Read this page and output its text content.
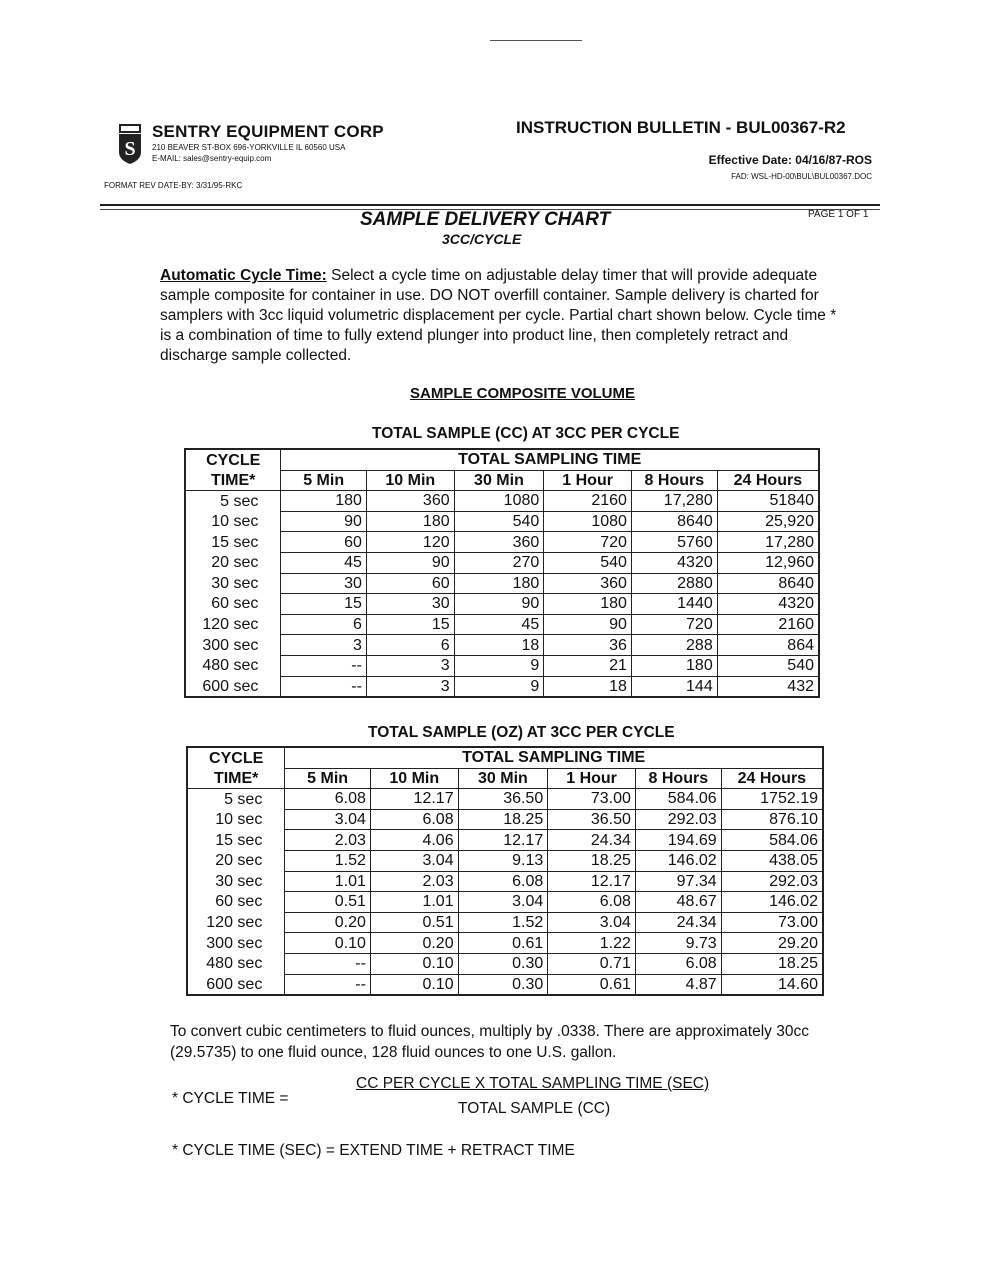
S
SENTRY EQUIPMENT CORP
210 BEAVER ST-BOX 696-YORKVILLE IL 60560 USA
E-MAIL: sales@sentry-equip.com
FORMAT REV DATE-BY: 3/31/95-RKC
INSTRUCTION BULLETIN - BUL00367-R2
Effective Date: 04/16/87-ROS
FAD: WSL-HD-00\BUL\BUL00367.DOC
SAMPLE DELIVERY CHART
3CC/CYCLE
PAGE 1 OF 1
Automatic Cycle Time: Select a cycle time on adjustable delay timer that will provide adequate sample composite for container in use. DO NOT overfill container. Sample delivery is charted for samplers with 3cc liquid volumetric displacement per cycle. Partial chart shown below. Cycle time * is a combination of time to fully extend plunger into product line, then completely retract and discharge sample collected.
SAMPLE COMPOSITE VOLUME
TOTAL SAMPLE (CC) AT 3CC PER CYCLE
CYCLE	TOTAL SAMPLING TIME					
TIME*	5 Min	10 Min	30 Min	1 Hour	8 Hours	24 Hours
5 sec	180	360	1080	2160	17,280	51840
10 sec	90	180	540	1080	8640	25,920
15 sec	60	120	360	720	5760	17,280
20 sec	45	90	270	540	4320	12,960
30 sec	30	60	180	360	2880	8640
60 sec	15	30	90	180	1440	4320
120 sec	6	15	45	90	720	2160
300 sec	3	6	18	36	288	864
480 sec	--	3	9	21	180	540
600 sec	--	3	9	18	144	432
TOTAL SAMPLE (OZ) AT 3CC PER CYCLE
CYCLE	TOTAL SAMPLING TIME					
TIME*	5 Min	10 Min	30 Min	1 Hour	8 Hours	24 Hours
5 sec	6.08	12.17	36.50	73.00	584.06	1752.19
10 sec	3.04	6.08	18.25	36.50	292.03	876.10
15 sec	2.03	4.06	12.17	24.34	194.69	584.06
20 sec	1.52	3.04	9.13	18.25	146.02	438.05
30 sec	1.01	2.03	6.08	12.17	97.34	292.03
60 sec	0.51	1.01	3.04	6.08	48.67	146.02
120 sec	0.20	0.51	1.52	3.04	24.34	73.00
300 sec	0.10	0.20	0.61	1.22	9.73	29.20
480 sec	--	0.10	0.30	0.71	6.08	18.25
600 sec	--	0.10	0.30	0.61	4.87	14.60
To convert cubic centimeters to fluid ounces, multiply by .0338. There are approximately 30cc (29.5735) to one fluid ounce, 128 fluid ounces to one U.S. gallon.
* CYCLE TIME =
CC PER CYCLE X TOTAL SAMPLING TIME (SEC)
TOTAL SAMPLE (CC)
* CYCLE TIME (SEC) = EXTEND TIME + RETRACT TIME
